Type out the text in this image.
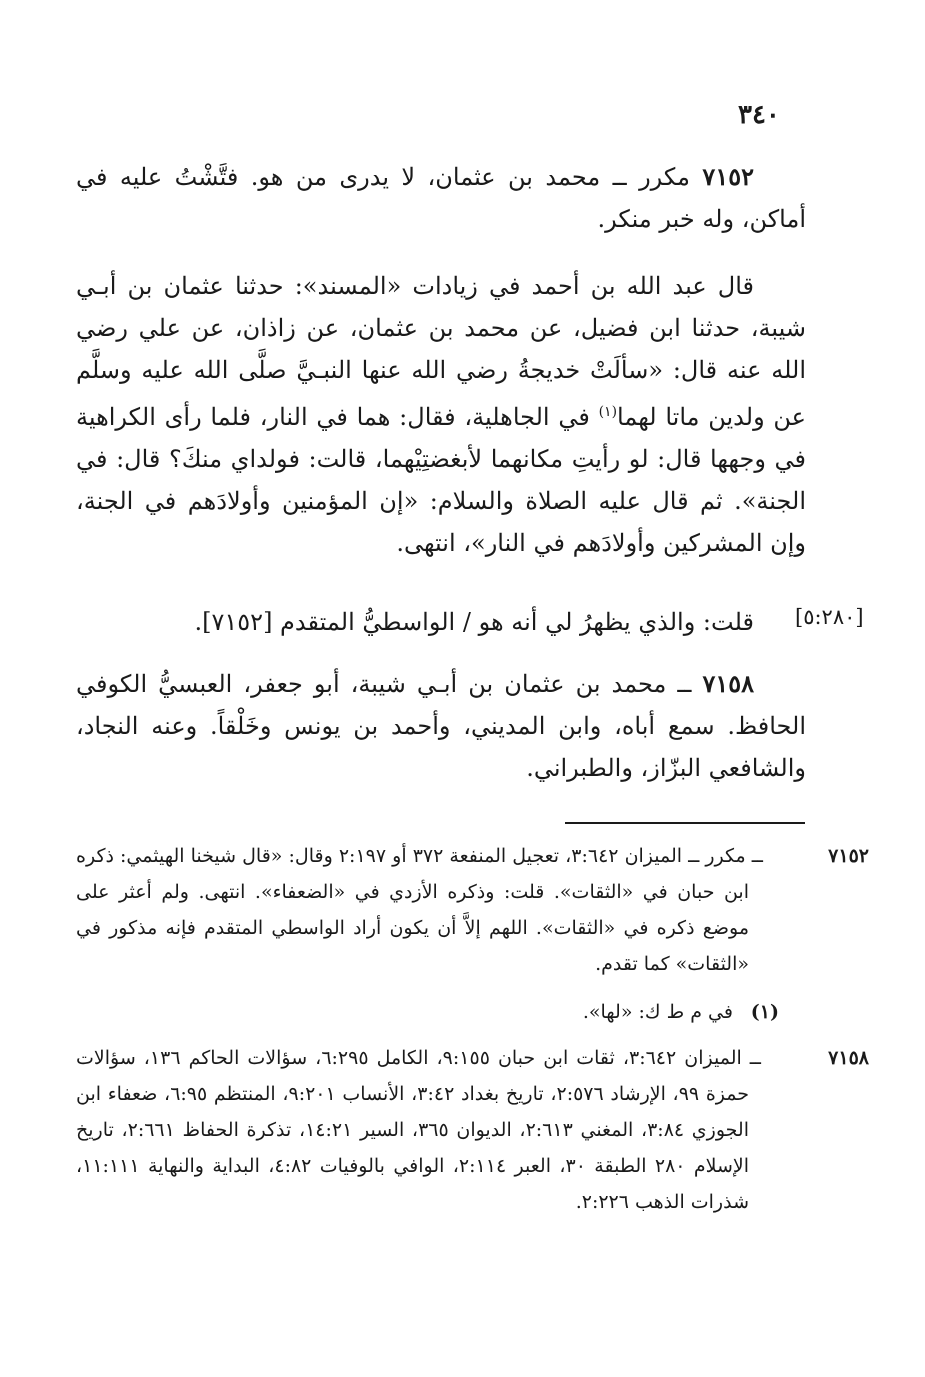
٣٤٠

٧١٥٢ مكرر ــ محمد بن عثمان، لا يدرى من هو. فتَّشْتُ عليه في أماكن، وله خبر منكر.

قال عبد الله بن أحمد في زيادات «المسند»: حدثنا عثمان بن أبـي شيبة، حدثنا ابن فضيل، عن محمد بن عثمان، عن زاذان، عن علي رضي الله عنه قال: «سألَتْ خديجةُ رضي الله عنها النبـيَّ صلَّى الله عليه وسلَّم عن ولدين ماتا لهما$^{(١)}$ في الجاهلية، فقال: هما في النار، فلما رأى الكراهية في وجهها قال: لو رأيتِ مكانهما لأبغضتِيْهما، قالت: فولداي منكَ؟ قال: في الجنة». ثم قال عليه الصلاة والسلام: «إن المؤمنين وأولادَهم في الجنة، وإن المشركين وأولادَهم في النار»، انتهى.

[٥:٢٨٠]

قلت: والذي يظهرُ لي أنه هو / الواسطيُّ المتقدم [٧١٥٢].

٧١٥٨ ــ محمد بن عثمان بن أبـي شيبة، أبو جعفر، العبسيُّ الكوفي الحافظ. سمع أباه، وابن المديني، وأحمد بن يونس وخَلْقاً. وعنه النجاد، والشافعي البزّاز، والطبراني.

٧١٥٢ ــ مكرر ــ الميزان ٣:٦٤٢، تعجيل المنفعة ٣٧٢ أو ٢:١٩٧ وقال: «قال شيخنا الهيثمي: ذكره ابن حبان في «الثقات». قلت: وذكره الأزدي في «الضعفاء». انتهى. ولم أعثر على موضع ذكره في «الثقات». اللهم إلاَّ أن يكون أراد الواسطي المتقدم فإنه مذكور في «الثقات» كما تقدم.
(١) في م ط ك: «لها».
٧١٥٨ ــ الميزان ٣:٦٤٢، ثقات ابن حبان ٩:١٥٥، الكامل ٦:٢٩٥، سؤالات الحاكم ١٣٦، سؤالات حمزة ٩٩، الإرشاد ٢:٥٧٦، تاريخ بغداد ٣:٤٢، الأنساب ٩:٢٠١، المنتظم ٦:٩٥، ضعفاء ابن الجوزي ٣:٨٤، المغني ٢:٦١٣، الديوان ٣٦٥، السير ١٤:٢١، تذكرة الحفاظ ٢:٦٦١، تاريخ الإسلام ٢٨٠ الطبقة ٣٠، العبر ٢:١١٤، الوافي بالوفيات ٤:٨٢، البداية والنهاية ١١:١١١، شذرات الذهب ٢:٢٢٦.
